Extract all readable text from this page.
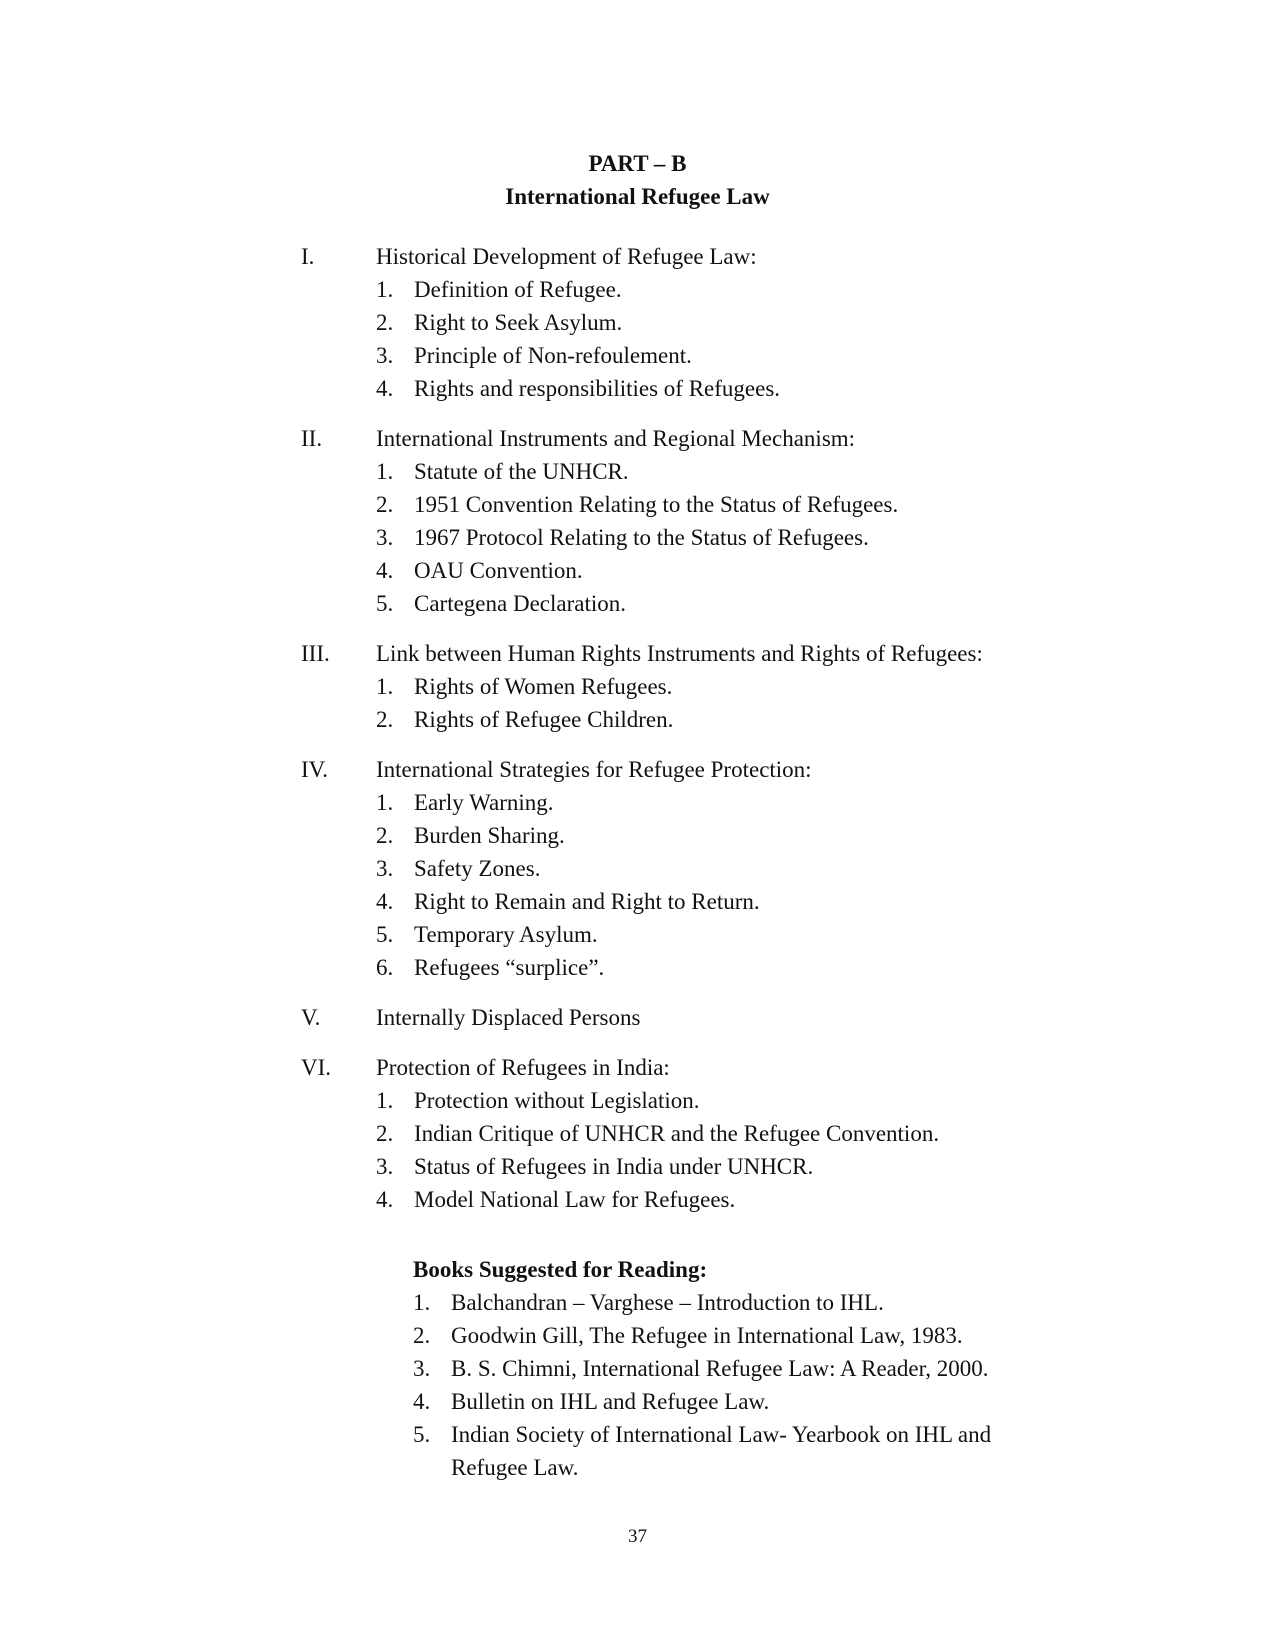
PART – B
International Refugee Law
I.	Historical Development of Refugee Law:
1. Definition of Refugee.
2. Right to Seek Asylum.
3. Principle of Non-refoulement.
4. Rights and responsibilities of Refugees.
II.	International Instruments and Regional Mechanism:
1. Statute of the UNHCR.
2. 1951 Convention Relating to the Status of Refugees.
3. 1967 Protocol Relating to the Status of Refugees.
4. OAU Convention.
5. Cartegena Declaration.
III.	Link between Human Rights Instruments and Rights of Refugees:
1. Rights of Women Refugees.
2. Rights of Refugee Children.
IV.	International Strategies for Refugee Protection:
1. Early Warning.
2. Burden Sharing.
3. Safety Zones.
4. Right to Remain and Right to Return.
5. Temporary Asylum.
6. Refugees “surplice”.
V.	Internally Displaced Persons
VI.	Protection of Refugees in India:
1. Protection without Legislation.
2. Indian Critique of UNHCR and the Refugee Convention.
3. Status of Refugees in India under UNHCR.
4. Model National Law for Refugees.
Books Suggested for Reading:
1. Balchandran – Varghese – Introduction to IHL.
2. Goodwin Gill, The Refugee in International Law, 1983.
3. B. S. Chimni, International Refugee Law: A Reader, 2000.
4. Bulletin on IHL and Refugee Law.
5. Indian Society of International Law- Yearbook on IHL and Refugee Law.
37
